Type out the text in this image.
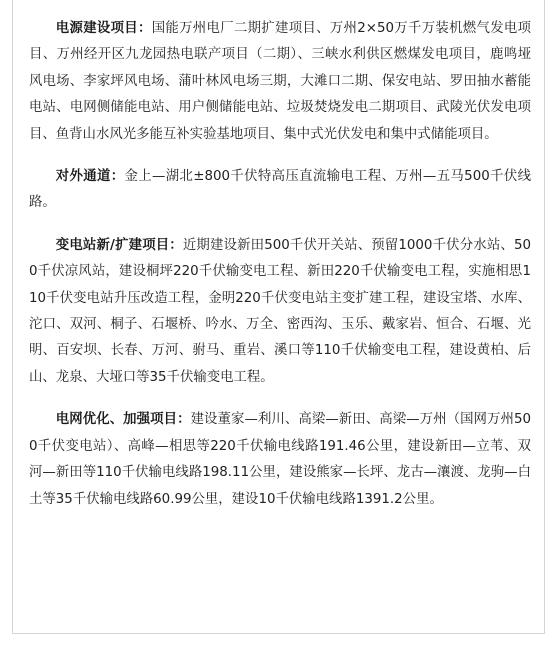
电源建设项目：国能万州电厂二期扩建项目、万州2×50万千万装机燃气发电项目、万州经开区九龙园热电联产项目（二期）、三峡水利供区燃煤发电项目，鹿鸣垭风电场、李家坪风电场、蒲叶林风电场三期，大滩口二期、保安电站、罗田抽水蓄能电站、电网侧储能电站、用户侧储能电站、垃圾焚烧发电二期项目、武陵光伏发电项目、鱼背山水风光多能互补实验基地项目、集中式光伏发电和集中式储能项目。

对外通道：金上—湖北±800千伏特高压直流输电工程、万州—五马500千伏线路。

变电站新/扩建项目：近期建设新田500千伏开关站、预留1000千伏分水站、500千伏凉风站，建设桐坪220千伏输变电工程、新田220千伏输变电工程，实施相思110千伏变电站升压改造工程，金明220千伏变电站主变扩建工程，建设宝塔、水库、沱口、双河、桐子、石堰桥、吟水、万全、密西沟、玉乐、戴家岩、恒合、石堰、光明、百安坝、长春、万河、驸马、重岩、溪口等110千伏输变电工程，建设黄柏、后山、龙泉、大垭口等35千伏输变电工程。

电网优化、加强项目：建设董家—利川、高梁—新田、高梁—万州（国网万州500千伏变电站）、高峰—相思等220千伏输电线路191.46公里，建设新田—立苇、双河—新田等110千伏输电线路198.11公里，建设熊家—长坪、龙古—瀼渡、龙驹—白土等35千伏输电线路60.99公里，建设10千伏输电线路1391.2公里。
